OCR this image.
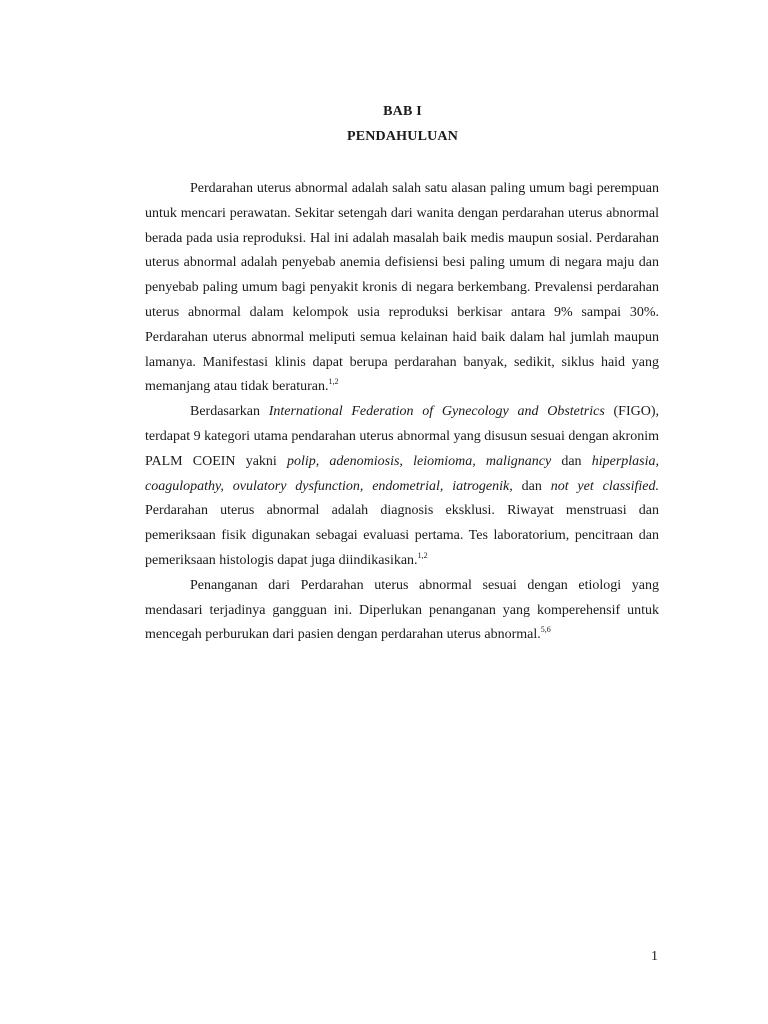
BAB I
PENDAHULUAN

Perdarahan uterus abnormal adalah salah satu alasan paling umum bagi perempuan untuk mencari perawatan. Sekitar setengah dari wanita dengan perdarahan uterus abnormal berada pada usia reproduksi. Hal ini adalah masalah baik medis maupun sosial. Perdarahan uterus abnormal adalah penyebab anemia defisiensi besi paling umum di negara maju dan penyebab paling umum bagi penyakit kronis di negara berkembang. Prevalensi perdarahan uterus abnormal dalam kelompok usia reproduksi berkisar antara 9% sampai 30%. Perdarahan uterus abnormal meliputi semua kelainan haid baik dalam hal jumlah maupun lamanya. Manifestasi klinis dapat berupa perdarahan banyak, sedikit, siklus haid yang memanjang atau tidak beraturan.$^{1,2}$

Berdasarkan International Federation of Gynecology and Obstetrics (FIGO), terdapat 9 kategori utama pendarahan uterus abnormal yang disusun sesuai dengan akronim PALM COEIN yakni polip, adenomiosis, leiomioma, malignancy dan hiperplasia, coagulopathy, ovulatory dysfunction, endometrial, iatrogenik, dan not yet classified. Perdarahan uterus abnormal adalah diagnosis eksklusi. Riwayat menstruasi dan pemeriksaan fisik digunakan sebagai evaluasi pertama. Tes laboratorium, pencitraan dan pemeriksaan histologis dapat juga diindikasikan.$^{1,2}$

Penanganan dari Perdarahan uterus abnormal sesuai dengan etiologi yang mendasari terjadinya gangguan ini. Diperlukan penanganan yang komperehensif untuk mencegah perburukan dari pasien dengan perdarahan uterus abnormal.$^{5,6}$

1
